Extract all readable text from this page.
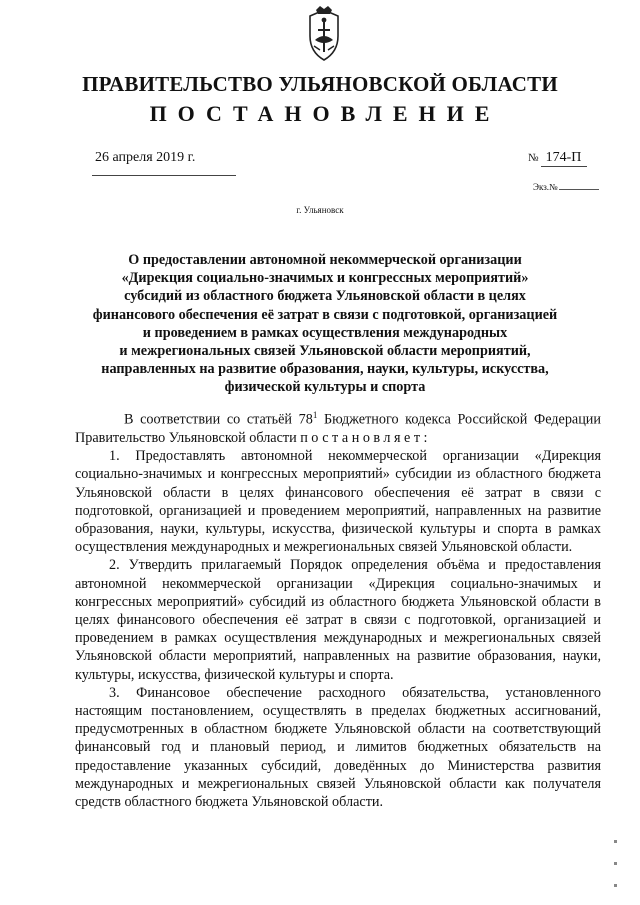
ПРАВИТЕЛЬСТВО УЛЬЯНОВСКОЙ ОБЛАСТИ
ПОСТАНОВЛЕНИЕ
26 апреля 2019 г.	№ 174-П
Экз.№
г. Ульяновск
О предоставлении автономной некоммерческой организации
«Дирекция социально-значимых и конгрессных мероприятий»
субсидий из областного бюджета Ульяновской области в целях
финансового обеспечения её затрат в связи с подготовкой, организацией
и проведением в рамках осуществления международных
и межрегиональных связей Ульяновской области мероприятий,
направленных на развитие образования, науки, культуры, искусства,
физической культуры и спорта

В соответствии со статьёй $78^1$ Бюджетного кодекса Российской Федерации Правительство Ульяновской области постановляет:

1. Предоставлять автономной некоммерческой организации «Дирекция социально-значимых и конгрессных мероприятий» субсидии из областного бюджета Ульяновской области в целях финансового обеспечения её затрат в связи с подготовкой, организацией и проведением мероприятий, направленных на развитие образования, науки, культуры, искусства, физической культуры и спорта в рамках осуществления международных и межрегиональных связей Ульяновской области.

2. Утвердить прилагаемый Порядок определения объёма и предоставления автономной некоммерческой организации «Дирекция социально-значимых и конгрессных мероприятий» субсидий из областного бюджета Ульяновской области в целях финансового обеспечения её затрат в связи с подготовкой, организацией и проведением в рамках осуществления международных и межрегиональных связей Ульяновской области мероприятий, направленных на развитие образования, науки, культуры, искусства, физической культуры и спорта.

3. Финансовое обеспечение расходного обязательства, установленного настоящим постановлением, осуществлять в пределах бюджетных ассигнований, предусмотренных в областном бюджете Ульяновской области на соответствующий финансовый год и плановый период, и лимитов бюджетных обязательств на предоставление указанных субсидий, доведённых до Министерства развития международных и межрегиональных связей Ульяновской области как получателя средств областного бюджета Ульяновской области.
